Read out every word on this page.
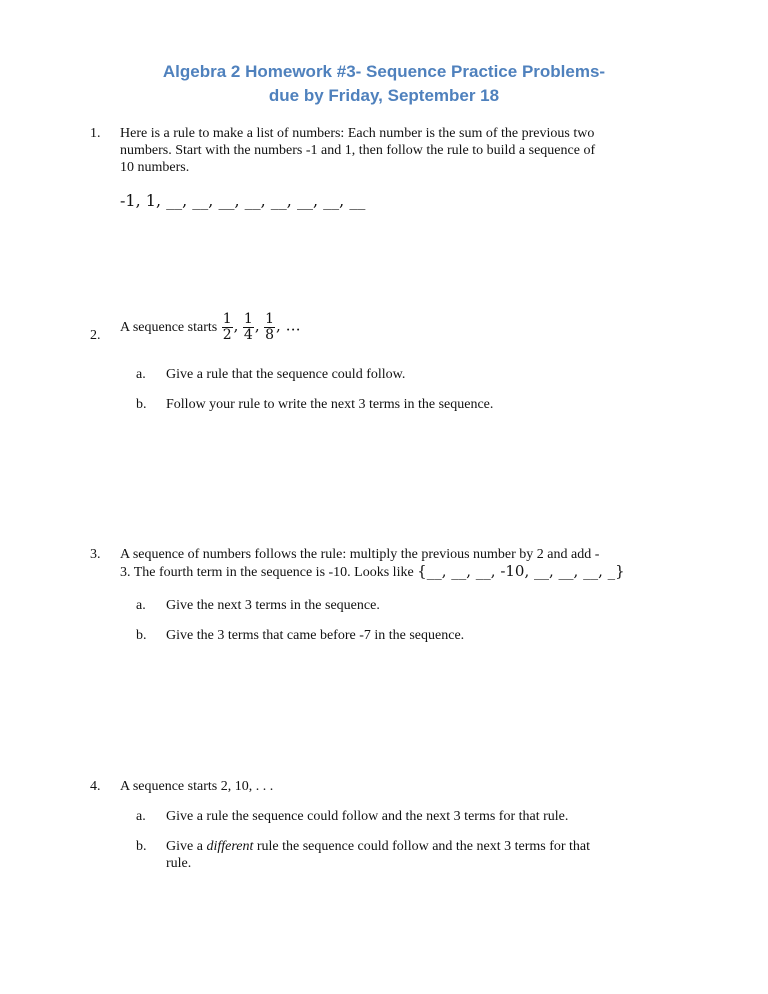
Algebra 2 Homework #3- Sequence Practice Problems-
due by Friday, September 18
1. Here is a rule to make a list of numbers: Each number is the sum of the previous two
numbers. Start with the numbers -1 and 1, then follow the rule to build a sequence of
10 numbers.
-1, 1, __, __, __, __, __, __, __, __
2.
A sequence starts $\frac{1}{2}$ , $\frac{1}{4}$ , $\frac{1}{8}$ , …
a. Give a rule that the sequence could follow.
b. Follow your rule to write the next 3 terms in the sequence.
3. A sequence of numbers follows the rule: multiply the previous number by 2 and add -
3. The fourth term in the sequence is -10. Looks like {__, __, __, -10, __, __, __, _}
a. Give the next 3 terms in the sequence.
b. Give the 3 terms that came before -7 in the sequence.
4. A sequence starts 2, 10, . . .
a. Give a rule the sequence could follow and the next 3 terms for that rule.
b. Give a different rule the sequence could follow and the next 3 terms for that
rule.
